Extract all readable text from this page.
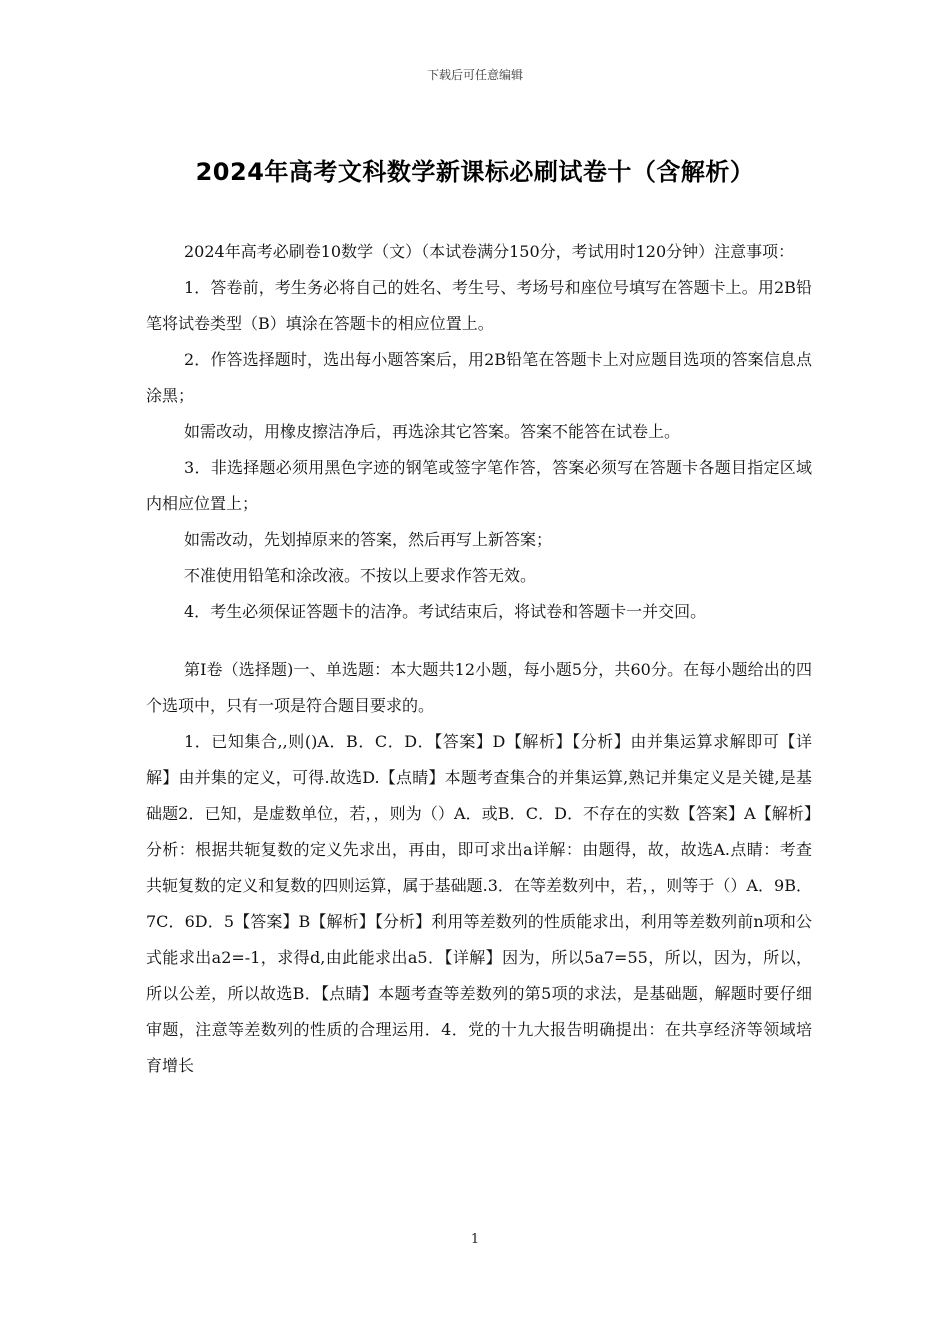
下载后可任意编辑
2024年高考文科数学新课标必刷试卷十（含解析）

2024年高考必刷卷10数学（文）（本试卷满分150分，考试用时120分钟）注意事项：

1．答卷前，考生务必将自己的姓名、考生号、考场号和座位号填写在答题卡上。用2B铅笔将试卷类型（B）填涂在答题卡的相应位置上。

2．作答选择题时，选出每小题答案后，用2B铅笔在答题卡上对应题目选项的答案信息点涂黑；

如需改动，用橡皮擦洁净后，再选涂其它答案。答案不能答在试卷上。

3．非选择题必须用黑色字迹的钢笔或签字笔作答，答案必须写在答题卡各题目指定区域内相应位置上；

如需改动，先划掉原来的答案，然后再写上新答案；

不准使用铅笔和涂改液。不按以上要求作答无效。

4．考生必须保证答题卡的洁净。考试结束后，将试卷和答题卡一并交回。

第Ⅰ卷（选择题)一、单选题：本大题共12小题，每小题5分，共60分。在每小题给出的四个选项中，只有一项是符合题目要求的。

1．已知集合,,则()A．B．C．D．【答案】D【解析】【分析】由并集运算求解即可【详解】由并集的定义，可得.故选D.【点睛】本题考查集合的并集运算,熟记并集定义是关键,是基础题2．已知，是虚数单位，若，，则为（）A．或B．C．D．不存在的实数【答案】A【解析】分析：根据共轭复数的定义先求出，再由，即可求出a详解：由题得，故，故选A.点睛：考查共轭复数的定义和复数的四则运算，属于基础题.3．在等差数列中，若，，则等于（）A．9B．7C．6D．5【答案】B【解析】【分析】利用等差数列的性质能求出，利用等差数列前n项和公式能求出a2=-1，求得d,由此能求出a5．【详解】因为，所以5a7=55，所以，因为，所以，所以公差，所以故选B．【点睛】本题考查等差数列的第5项的求法，是基础题，解题时要仔细审题，注意等差数列的性质的合理运用．4．党的十九大报告明确提出：在共享经济等领域培育增长

1
